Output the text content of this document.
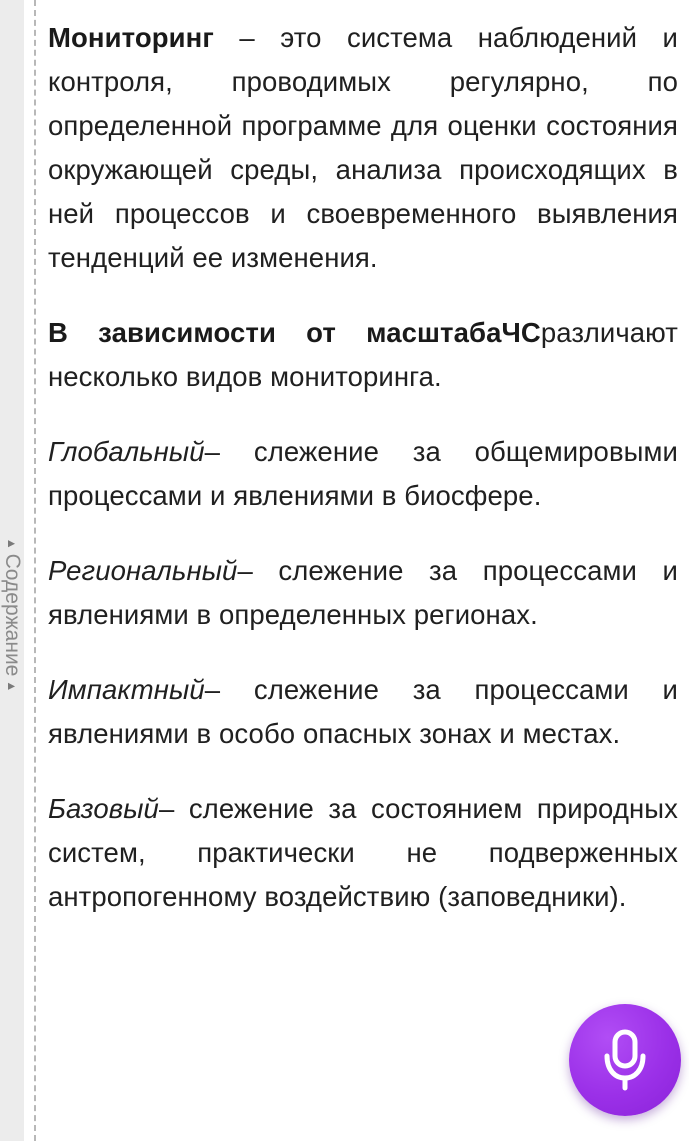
▲
Содержание
▲

Мониторинг – это система наблюдений и контроля, проводимых регулярно, по определенной программе для оценки состояния окружающей среды, анализа происходящих в ней процессов и своевременного выявления тенденций ее изменения.

В зависимости от масштабаЧСразличают несколько видов мониторинга.

Глобальный– слежение за общемировыми процессами и явлениями в биосфере.

Региональный– слежение за процессами и явлениями в определенных регионах.

Импактный– слежение за процессами и явлениями в особо опасных зонах и местах.

Базовый– слежение за состоянием природных систем, практически не подверженных антропогенному воздействию (заповедники).
